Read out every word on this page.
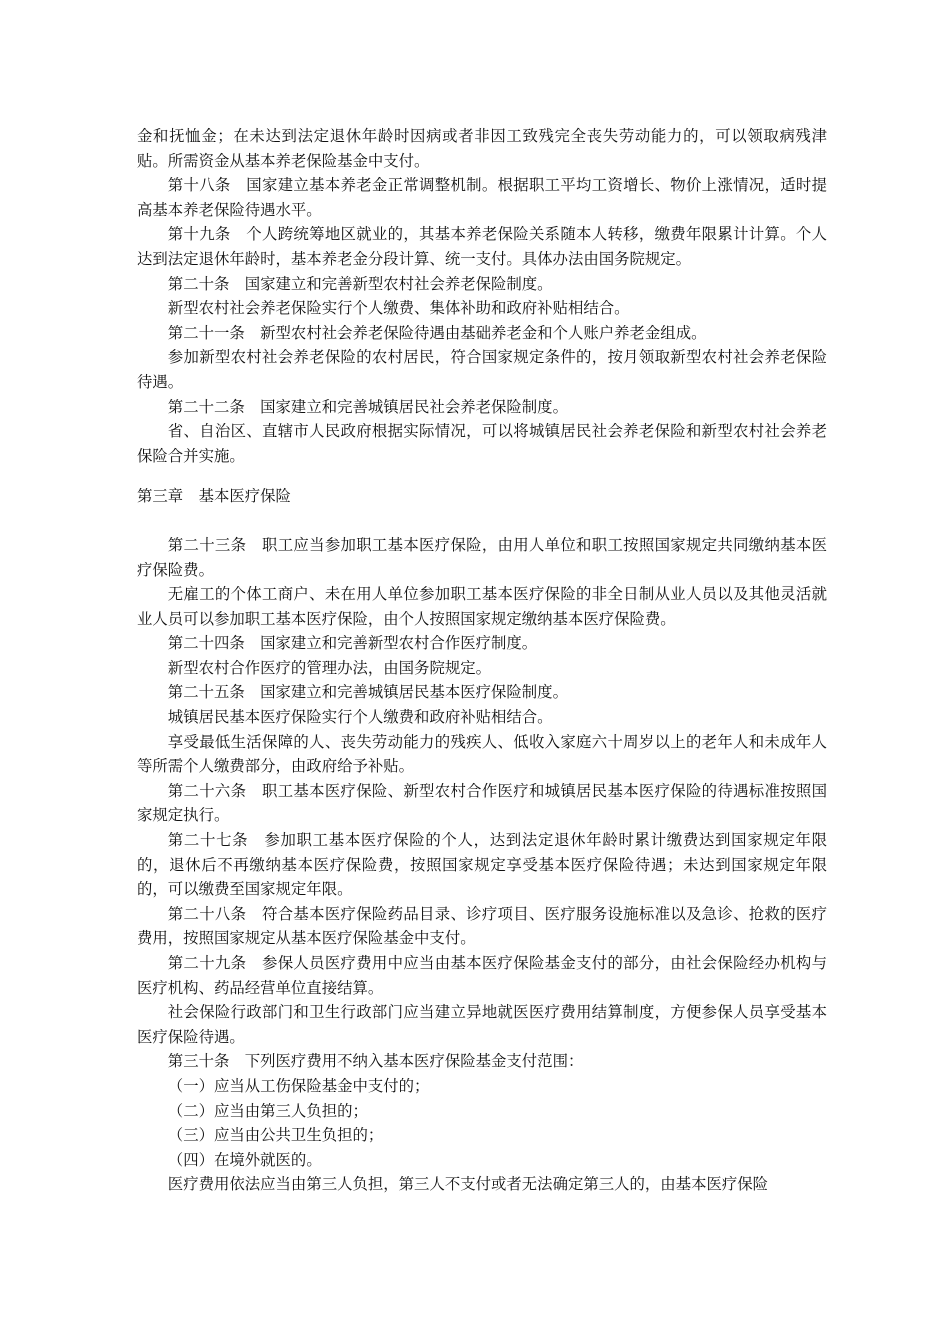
金和抚恤金；在未达到法定退休年龄时因病或者非因工致残完全丧失劳动能力的，可以领取病残津贴。所需资金从基本养老保险基金中支付。

第十八条　国家建立基本养老金正常调整机制。根据职工平均工资增长、物价上涨情况，适时提高基本养老保险待遇水平。

第十九条　个人跨统筹地区就业的，其基本养老保险关系随本人转移，缴费年限累计计算。个人达到法定退休年龄时，基本养老金分段计算、统一支付。具体办法由国务院规定。

第二十条　国家建立和完善新型农村社会养老保险制度。

新型农村社会养老保险实行个人缴费、集体补助和政府补贴相结合。

第二十一条　新型农村社会养老保险待遇由基础养老金和个人账户养老金组成。

参加新型农村社会养老保险的农村居民，符合国家规定条件的，按月领取新型农村社会养老保险待遇。

第二十二条　国家建立和完善城镇居民社会养老保险制度。

省、自治区、直辖市人民政府根据实际情况，可以将城镇居民社会养老保险和新型农村社会养老保险合并实施。

第三章　基本医疗保险

第二十三条　职工应当参加职工基本医疗保险，由用人单位和职工按照国家规定共同缴纳基本医疗保险费。

无雇工的个体工商户、未在用人单位参加职工基本医疗保险的非全日制从业人员以及其他灵活就业人员可以参加职工基本医疗保险，由个人按照国家规定缴纳基本医疗保险费。

第二十四条　国家建立和完善新型农村合作医疗制度。

新型农村合作医疗的管理办法，由国务院规定。

第二十五条　国家建立和完善城镇居民基本医疗保险制度。

城镇居民基本医疗保险实行个人缴费和政府补贴相结合。

享受最低生活保障的人、丧失劳动能力的残疾人、低收入家庭六十周岁以上的老年人和未成年人等所需个人缴费部分，由政府给予补贴。

第二十六条　职工基本医疗保险、新型农村合作医疗和城镇居民基本医疗保险的待遇标准按照国家规定执行。

第二十七条　参加职工基本医疗保险的个人，达到法定退休年龄时累计缴费达到国家规定年限的，退休后不再缴纳基本医疗保险费，按照国家规定享受基本医疗保险待遇；未达到国家规定年限的，可以缴费至国家规定年限。

第二十八条　符合基本医疗保险药品目录、诊疗项目、医疗服务设施标准以及急诊、抢救的医疗费用，按照国家规定从基本医疗保险基金中支付。

第二十九条　参保人员医疗费用中应当由基本医疗保险基金支付的部分，由社会保险经办机构与医疗机构、药品经营单位直接结算。

社会保险行政部门和卫生行政部门应当建立异地就医医疗费用结算制度，方便参保人员享受基本医疗保险待遇。

第三十条　下列医疗费用不纳入基本医疗保险基金支付范围：

（一）应当从工伤保险基金中支付的；

（二）应当由第三人负担的；

（三）应当由公共卫生负担的；

（四）在境外就医的。

医疗费用依法应当由第三人负担，第三人不支付或者无法确定第三人的，由基本医疗保险
